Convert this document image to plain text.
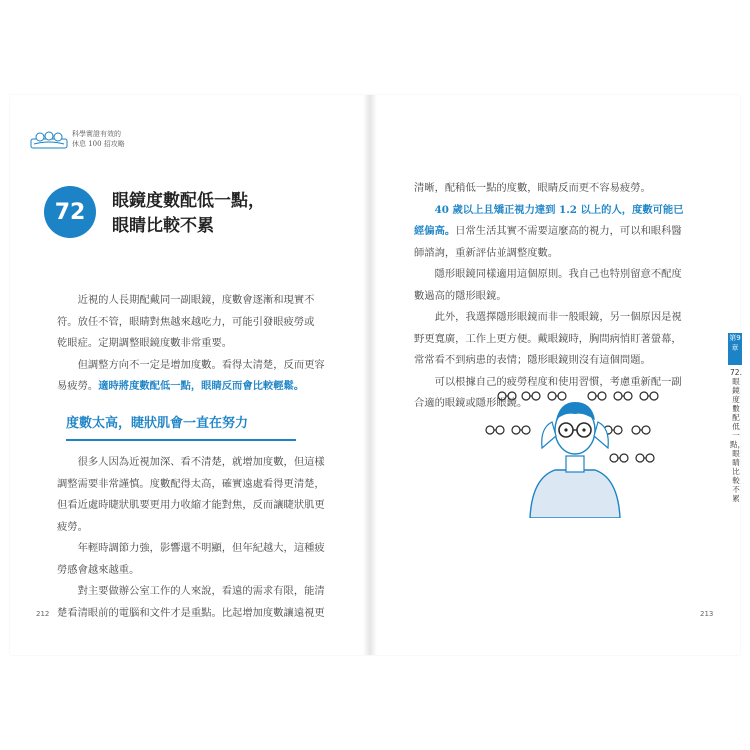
科學實證有效的
休息 100 招攻略
72	眼鏡度數配低一點，
眼睛比較不累
近視的人長期配戴同一副眼鏡，度數會逐漸和現實不
符。放任不管，眼睛對焦越來越吃力，可能引發眼疲勞或
乾眼症。定期調整眼鏡度數非常重要。
但調整方向不一定是增加度數。看得太清楚，反而更容
易疲勞。適時將度數配低一點，眼睛反而會比較輕鬆。
度數太高，睫狀肌會一直在努力
很多人因為近視加深、看不清楚，就增加度數，但這樣
調整需要非常謹慎。度數配得太高，確實遠處看得更清楚，
但看近處時睫狀肌要更用力收縮才能對焦，反而讓睫狀肌更
疲勞。
年輕時調節力強，影響還不明顯，但年紀越大，這種疲
勞感會越來越重。
對主要做辦公室工作的人來說，看遠的需求有限，能清
楚看清眼前的電腦和文件才是重點。比起增加度數讓遠視更
212
清晰，配稍低一點的度數，眼睛反而更不容易疲勞。
40 歲以上且矯正視力達到 1.2 以上的人，度數可能已
經偏高。日常生活其實不需要這麼高的視力，可以和眼科醫
師諮詢，重新評估並調整度數。
隱形眼鏡同樣適用這個原則。我自己也特別留意不配度
數過高的隱形眼鏡。
此外，我選擇隱形眼鏡而非一般眼鏡，另一個原因是視
野更寬廣，工作上更方便。戴眼鏡時，胸問病悄盯著螢幕，
常常看不到病患的表情；隱形眼鏡則沒有這個問題。
可以根據自己的疲勞程度和使用習慣，考慮重新配一副
合適的眼鏡或隱形眼鏡。
第9章
72.眼鏡度數配低一點，眼睛比較不累
213
